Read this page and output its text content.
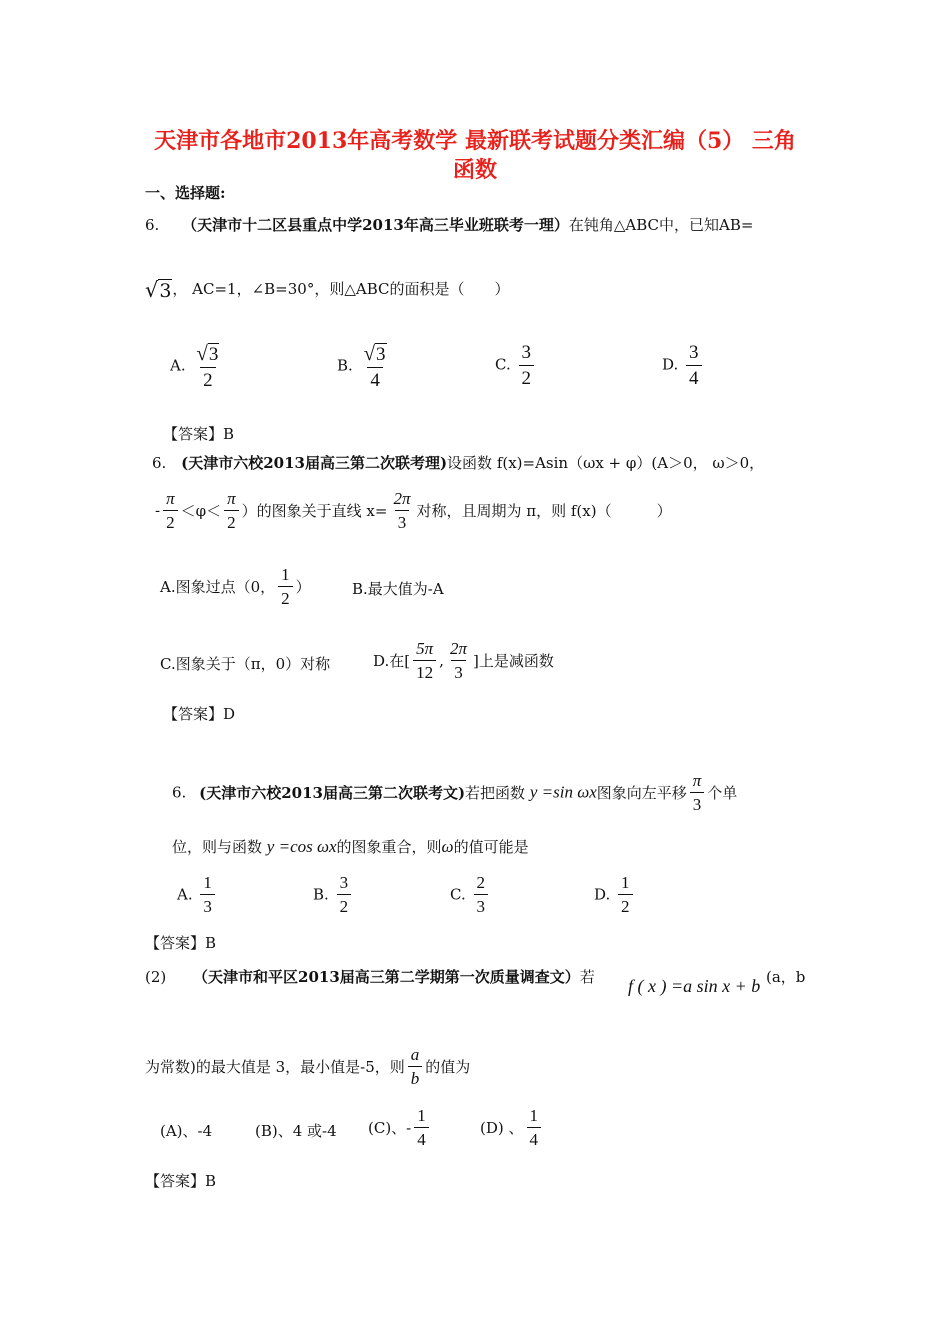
天津市各地市2013年高考数学 最新联考试题分类汇编（5） 三角
函数
一、选择题:
6. （天津市十二区县重点中学2013年高三毕业班联考一理）在钝角△ABC中，已知AB=
√3， AC=1，∠B=30°，则△ABC的面积是（　　）
A. $\frac{√3}{2}$	B. $\frac{√3}{4}$	C. $\frac{3}{2}$	D. $\frac{3}{4}$
【答案】B
6. (天津市六校2013届高三第二次联考理)设函数 f(x)=Asin（ωx + φ）(A＞0， ω＞0，
- $\frac{\pi}{2} <\varphi< \frac{\pi}{2}$ ）的图象关于直线 $x= \frac{2\pi}{3}$ 对称，且周期为 π，则 f(x)（　　　）
A.图象过点（0， $\frac{1}{2}$ ）	B.最大值为-A
C.图象关于（π，0）对称	D.在[ $\frac{5\pi}{12}$ , $\frac{2\pi}{3}$ ]上是减函数
【答案】D
6. (天津市六校2013届高三第二次联考文)若把函数 y =sin ωx图象向左平移 $\frac{\pi}{3}$ 个单
位，则与函数 y =cos ωx的图象重合，则ω的值可能是
A. $\frac{1}{3}$	B. $\frac{3}{2}$	C. $\frac{2}{3}$	D. $\frac{1}{2}$
【答案】B
(2) （天津市和平区2013届高三第二学期第一次质量调查文）若 f ( x ) =a sin x + b (a，b
为常数)的最大值是 3，最小值是-5，则 $\frac{a}{b}$ 的值为
(A)、-4	(B)、4 或-4 (C)、- $\frac{1}{4}$	(D) 、 $\frac{1}{4}$
【答案】B
